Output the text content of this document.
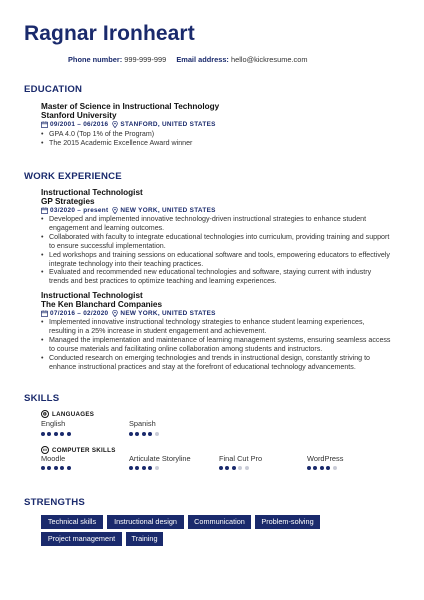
Ragnar Ironheart
Phone number: 999-999-999 Email address: hello@kickresume.com
EDUCATION
Master of Science in Instructional Technology
Stanford University
09/2001 – 06/2016 STANFORD, UNITED STATES
• GPA 4.0 (Top 1% of the Program)
• The 2015 Academic Excellence Award winner
WORK EXPERIENCE
Instructional Technologist
GP Strategies
03/2020 – present NEW YORK, UNITED STATES
• Developed and implemented innovative technology-driven instructional strategies to enhance student engagement and learning outcomes.
• Collaborated with faculty to integrate educational technologies into curriculum, providing training and support to ensure successful implementation.
• Led workshops and training sessions on educational software and tools, empowering educators to effectively integrate technology into their teaching practices.
• Evaluated and recommended new educational technologies and software, staying current with industry trends and best practices to optimize teaching and learning experiences.
Instructional Technologist
The Ken Blanchard Companies
07/2016 – 02/2020 NEW YORK, UNITED STATES
• Implemented innovative instructional technology strategies to enhance student learning experiences, resulting in a 25% increase in student engagement and achievement.
• Managed the implementation and maintenance of learning management systems, ensuring seamless access to course materials and facilitating online collaboration among students and instructors.
• Conducted research on emerging technologies and trends in instructional design, constantly striving to enhance instructional practices and stay at the forefront of educational technology advancements.
SKILLS
◍ LANGUAGES
English	Spanish
▭ COMPUTER SKILLS
Moodle	Articulate Storyline	Final Cut Pro	WordPress
STRENGTHS
Technical skills	Instructional design	Communication	Problem-solving
Project management	Training
